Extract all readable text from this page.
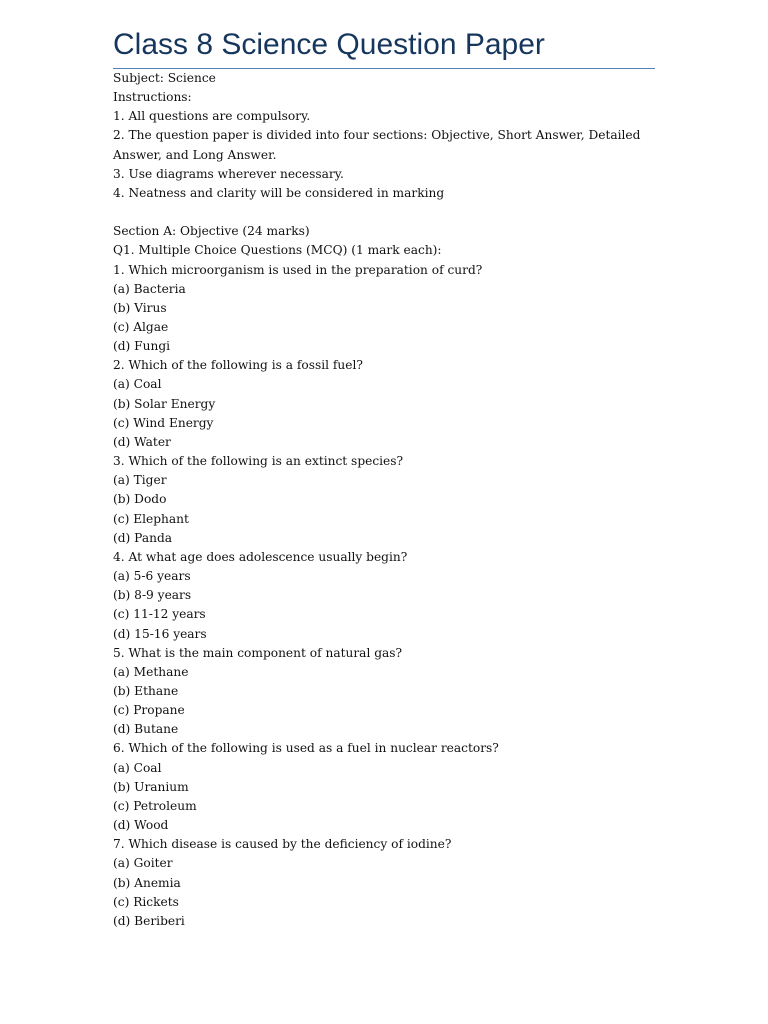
Class 8 Science Question Paper
Subject: Science
Instructions:
1. All questions are compulsory.
2. The question paper is divided into four sections: Objective, Short Answer, Detailed Answer, and Long Answer.
3. Use diagrams wherever necessary.
4. Neatness and clarity will be considered in marking
Section A: Objective (24 marks)
Q1. Multiple Choice Questions (MCQ) (1 mark each):
1. Which microorganism is used in the preparation of curd?
(a) Bacteria
(b) Virus
(c) Algae
(d) Fungi
2. Which of the following is a fossil fuel?
(a) Coal
(b) Solar Energy
(c) Wind Energy
(d) Water
3. Which of the following is an extinct species?
(a) Tiger
(b) Dodo
(c) Elephant
(d) Panda
4. At what age does adolescence usually begin?
(a) 5-6 years
(b) 8-9 years
(c) 11-12 years
(d) 15-16 years
5. What is the main component of natural gas?
(a) Methane
(b) Ethane
(c) Propane
(d) Butane
6. Which of the following is used as a fuel in nuclear reactors?
(a) Coal
(b) Uranium
(c) Petroleum
(d) Wood
7. Which disease is caused by the deficiency of iodine?
(a) Goiter
(b) Anemia
(c) Rickets
(d) Beriberi
